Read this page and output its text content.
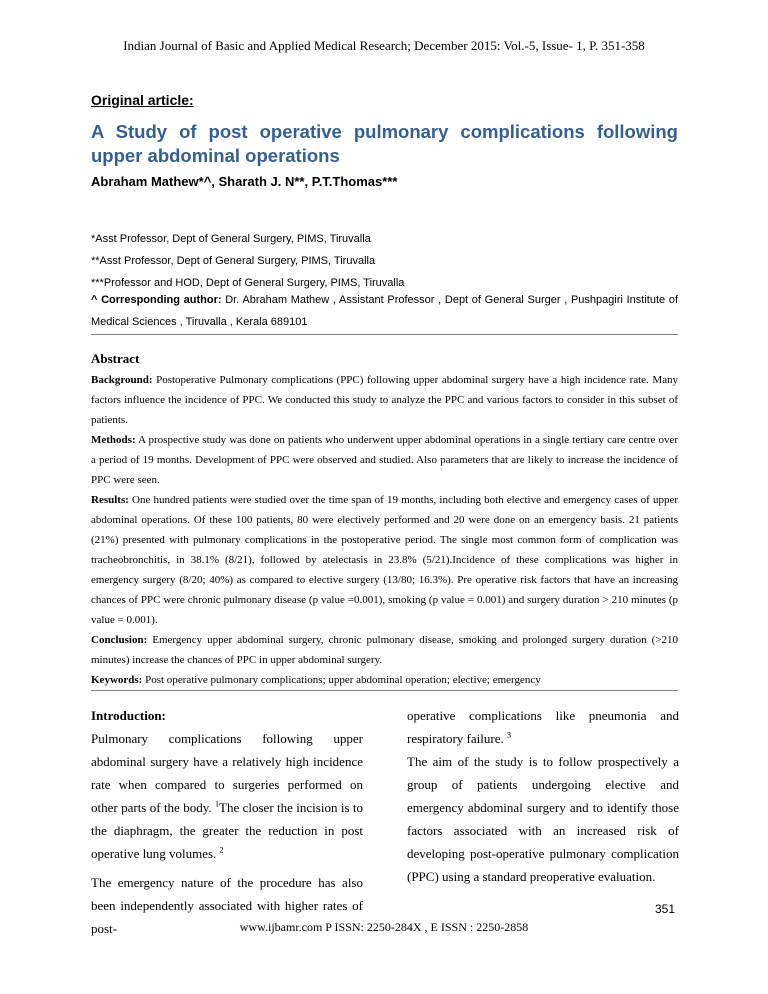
Indian Journal of Basic and Applied Medical Research; December 2015: Vol.-5, Issue- 1, P. 351-358
Original article:
A Study of post operative pulmonary complications following upper abdominal operations
Abraham Mathew*^, Sharath J. N**, P.T.Thomas***
*Asst Professor, Dept of General Surgery, PIMS, Tiruvalla
**Asst Professor, Dept of General Surgery, PIMS, Tiruvalla
***Professor and HOD, Dept of General Surgery, PIMS, Tiruvalla
^ Corresponding author: Dr. Abraham Mathew , Assistant Professor , Dept of General Surger , Pushpagiri Institute of Medical Sciences , Tiruvalla , Kerala 689101
Abstract

Background: Postoperative Pulmonary complications (PPC) following upper abdominal surgery have a high incidence rate. Many factors influence the incidence of PPC. We conducted this study to analyze the PPC and various factors to consider in this subset of patients.

Methods: A prospective study was done on patients who underwent upper abdominal operations in a single tertiary care centre over a period of 19 months. Development of PPC were observed and studied. Also parameters that are likely to increase the incidence of PPC were seen.

Results: One hundred patients were studied over the time span of 19 months, including both elective and emergency cases of upper abdominal operations. Of these 100 patients, 80 were electively performed and 20 were done on an emergency basis. 21 patients (21%) presented with pulmonary complications in the postoperative period. The single most common form of complication was tracheobronchitis, in 38.1% (8/21), followed by atelectasis in 23.8% (5/21).Incidence of these complications was higher in emergency surgery (8/20; 40%) as compared to elective surgery (13/80; 16.3%). Pre operative risk factors that have an increasing chances of PPC were chronic pulmonary disease (p value =0.001), smoking (p value = 0.001) and surgery duration > 210 minutes (p value = 0.001).

Conclusion: Emergency upper abdominal surgery, chronic pulmonary disease, smoking and prolonged surgery duration (>210 minutes) increase the chances of PPC in upper abdominal surgery.

Keywords: Post operative pulmonary complications; upper abdominal operation; elective; emergency

Introduction:

Pulmonary complications following upper abdominal surgery have a relatively high incidence rate when compared to surgeries performed on other parts of the body. $^1$The closer the incision is to the diaphragm, the greater the reduction in post operative lung volumes. $^2$

The emergency nature of the procedure has also been independently associated with higher rates of post-

operative complications like pneumonia and respiratory failure. $^3$

The aim of the study is to follow prospectively a group of patients undergoing elective and emergency abdominal surgery and to identify those factors associated with an increased risk of developing post-operative pulmonary complication (PPC) using a standard preoperative evaluation.

351
www.ijbamr.com P ISSN: 2250-284X , E ISSN : 2250-2858
